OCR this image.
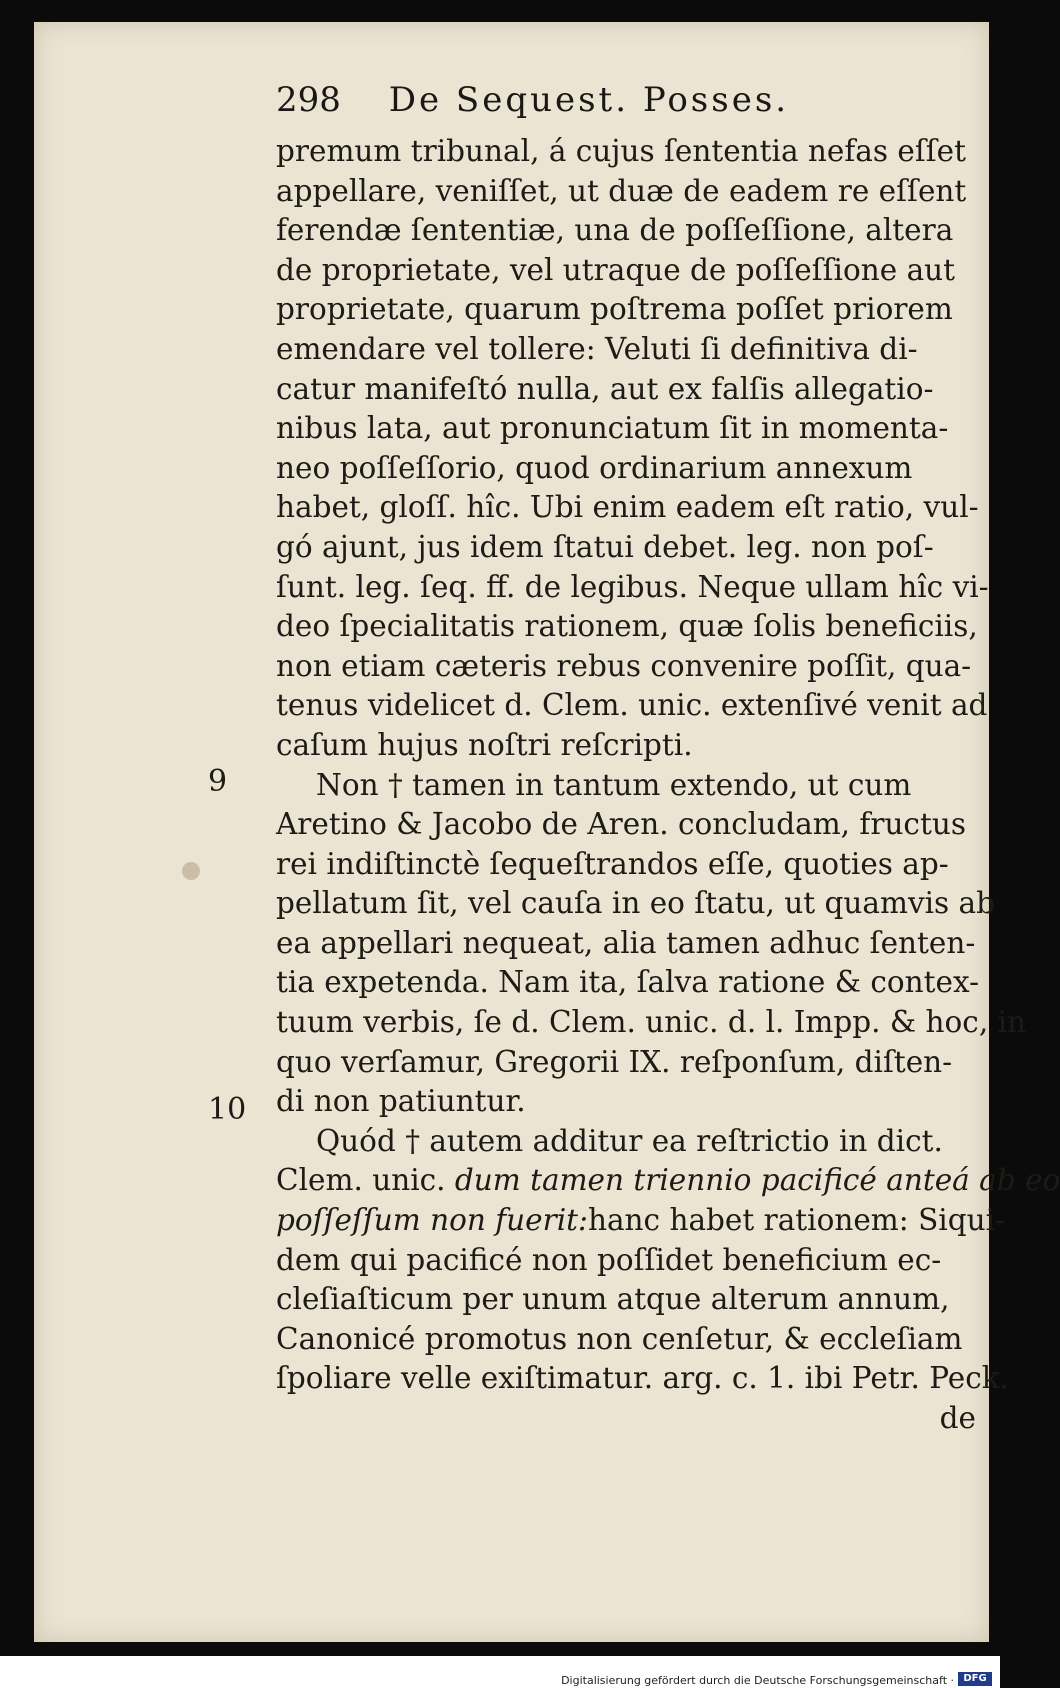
298 De Sequest. Posses.
9
10
premum tribunal, á cujus ſententia nefas eſſet
appellare, veniſſet, ut duæ de eadem re eſſent
ferendæ ſententiæ, una de poſſeſſione, altera
de proprietate, vel utraque de poſſeſſione aut
proprietate, quarum poſtrema poſſet priorem
emendare vel tollere: Veluti ſi definitiva di-
catur manifeſtó nulla, aut ex falſis allegatio-
nibus lata, aut pronunciatum ſit in momenta-
neo poſſeſſorio, quod ordinarium annexum
habet, gloſſ. hîc. Ubi enim eadem eſt ratio, vul-
gó ajunt, jus idem ſtatui debet. leg. non poſ-
ſunt. leg. ſeq. ff. de legibus. Neque ullam hîc vi-
deo ſpecialitatis rationem, quæ ſolis beneficiis,
non etiam cæteris rebus convenire poſſit, qua-
tenus videlicet d. Clem. unic. extenſivé venit ad
caſum hujus noſtri reſcripti.
Non † tamen in tantum extendo, ut cum
Aretino & Jacobo de Aren. concludam, fructus
rei indiſtinctè ſequeſtrandos eſſe, quoties ap-
pellatum ſit, vel cauſa in eo ſtatu, ut quamvis ab
ea appellari nequeat, alia tamen adhuc ſenten-
tia expetenda. Nam ita, ſalva ratione & contex-
tuum verbis, ſe d. Clem. unic. d. l. Impp. & hoc, in
quo verſamur, Gregorii IX. reſponſum, diſten-
di non patiuntur.
Quód † autem additur ea reſtrictio in dict.
Clem. unic. dum tamen triennio pacificé anteá ab eo
poſſeſſum non fuerit:hanc habet rationem: Siqui-
dem qui pacificé non poſſidet beneficium ec-
cleſiaſticum per unum atque alterum annum,
Canonicé promotus non cenſetur, & eccleſiam
ſpoliare velle exiſtimatur. arg. c. 1. ibi Petr. Peck.
de
Digitalisierung gefördert durch die Deutsche Forschungsgemeinschaft · DFG
